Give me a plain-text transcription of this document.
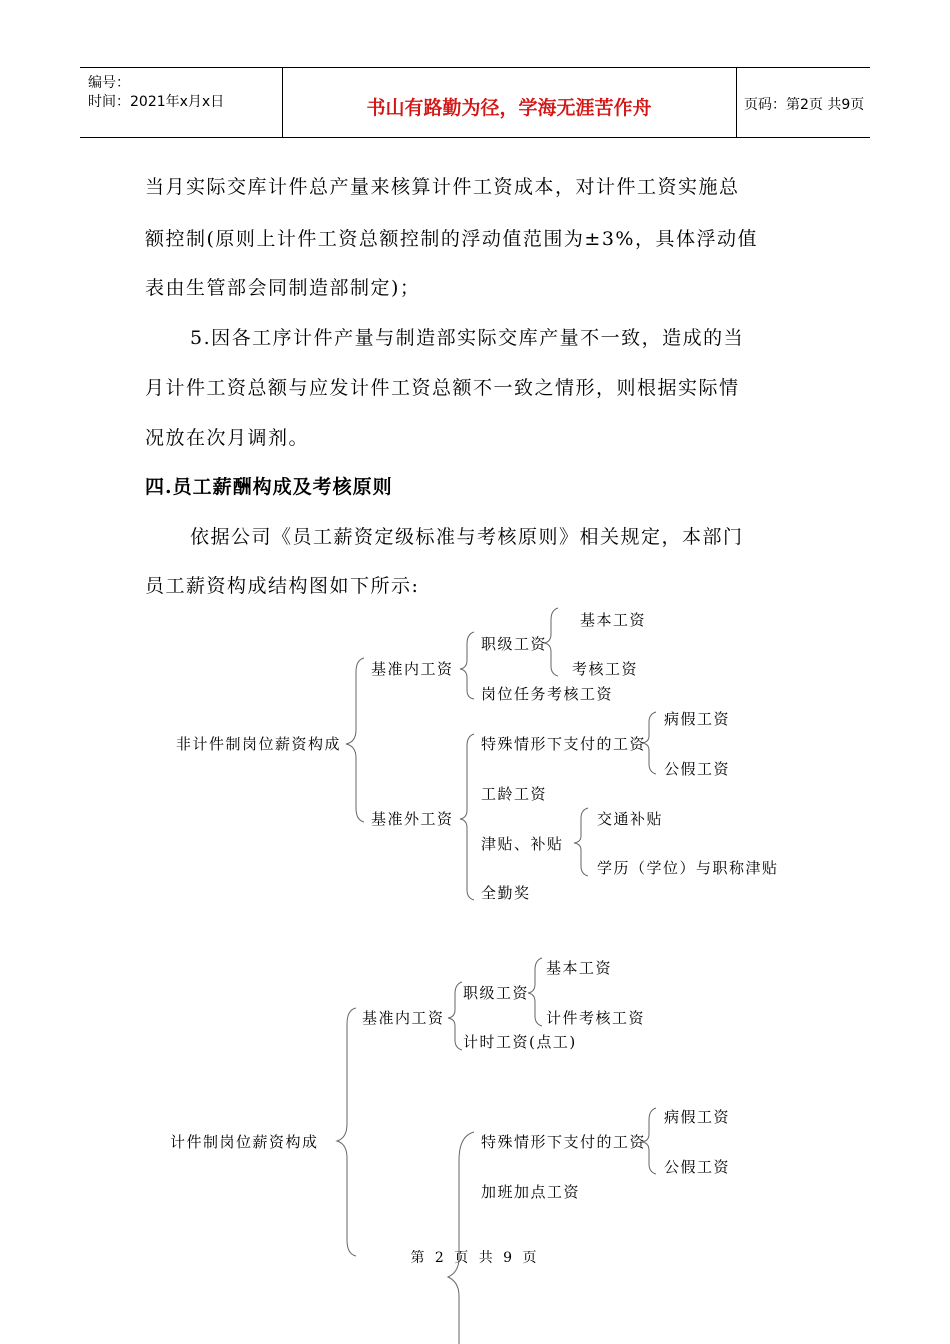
编号：
时间：2021年x月x日	书山有路勤为径，学海无涯苦作舟	页码：第2页 共9页
当月实际交库计件总产量来核算计件工资成本，对计件工资实施总
额控制(原则上计件工资总额控制的浮动值范围为±3%，具体浮动值
表由生管部会同制造部制定)；
5.因各工序计件产量与制造部实际交库产量不一致，造成的当
月计件工资总额与应发计件工资总额不一致之情形，则根据实际情
况放在次月调剂。
四.员工薪酬构成及考核原则
依据公司《员工薪资定级标准与考核原则》相关规定，本部门
员工薪资构成结构图如下所示:
非计件制岗位薪资构成
基准内工资
职级工资
基本工资
考核工资
岗位任务考核工资
基准外工资
特殊情形下支付的工资
病假工资
公假工资
工龄工资
津贴、补贴
交通补贴
学历（学位）与职称津贴
全勤奖
计件制岗位薪资构成
基准内工资
职级工资
基本工资
计件考核工资
计时工资(点工)
特殊情形下支付的工资
病假工资
公假工资
加班加点工资
第 2 页 共 9 页
